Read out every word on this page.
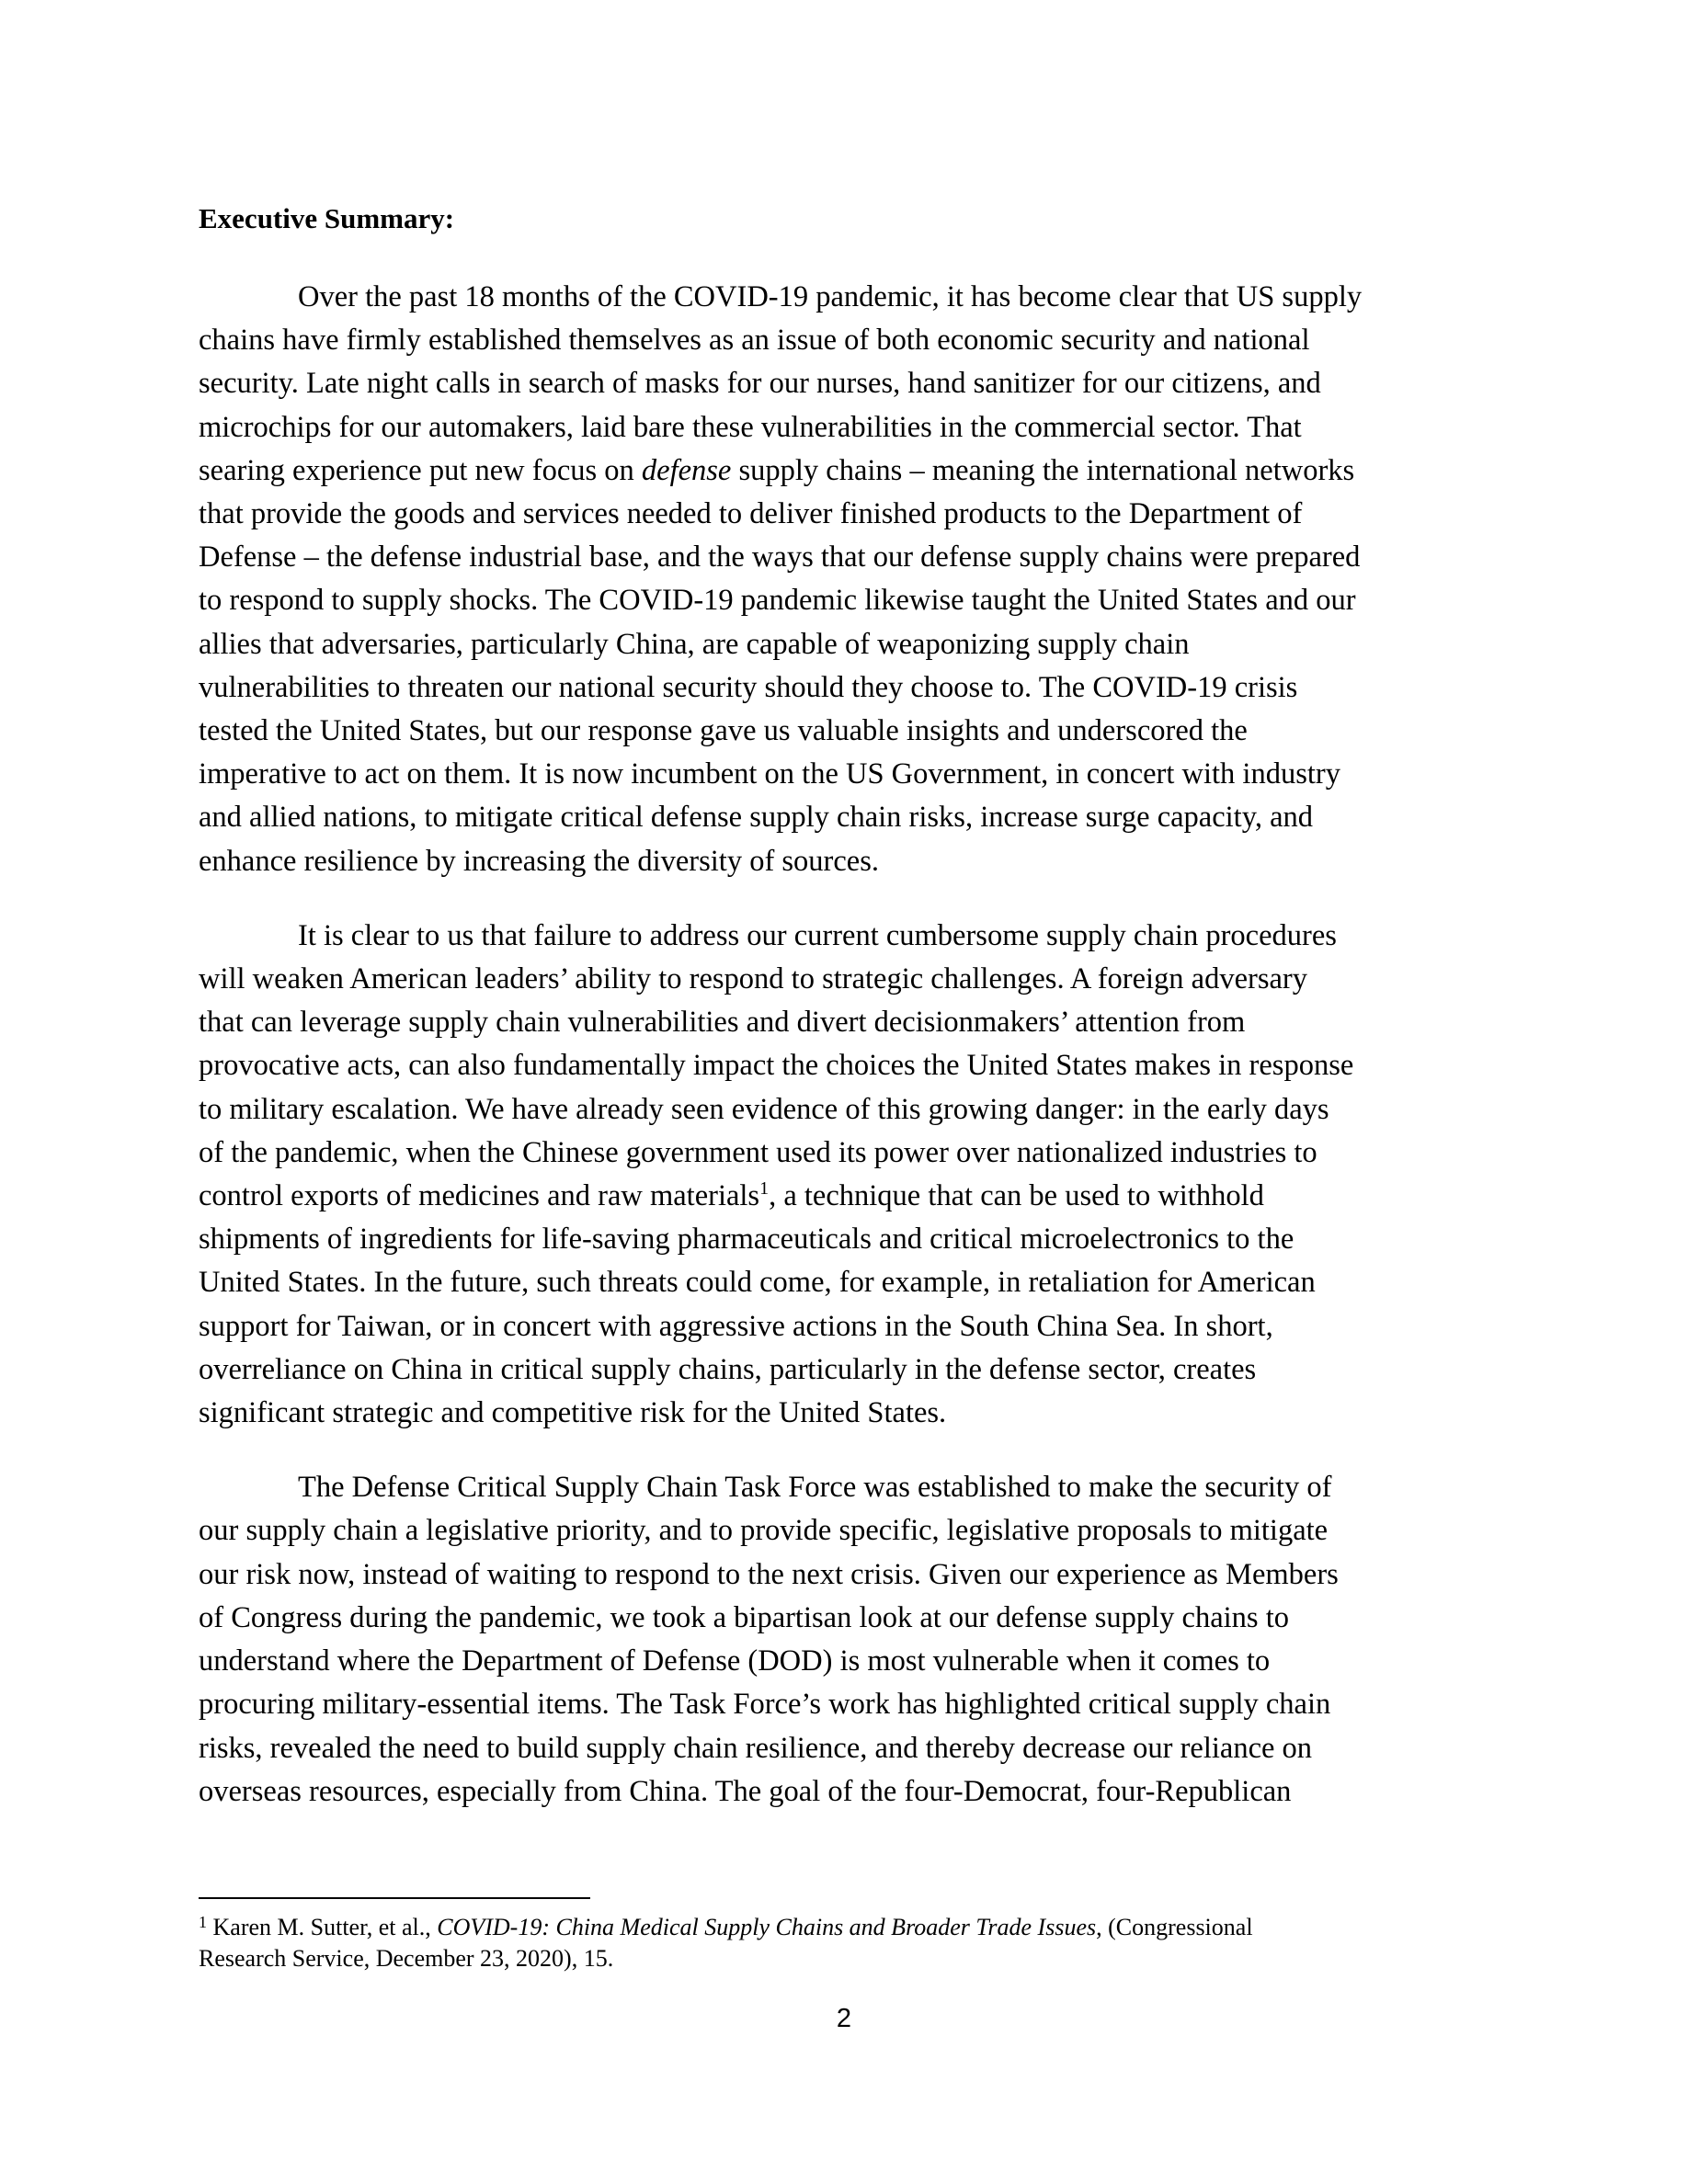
Executive Summary:

Over the past 18 months of the COVID-19 pandemic, it has become clear that US supply
chains have firmly established themselves as an issue of both economic security and national
security. Late night calls in search of masks for our nurses, hand sanitizer for our citizens, and
microchips for our automakers, laid bare these vulnerabilities in the commercial sector. That
searing experience put new focus on defense supply chains – meaning the international networks
that provide the goods and services needed to deliver finished products to the Department of
Defense – the defense industrial base, and the ways that our defense supply chains were prepared
to respond to supply shocks. The COVID-19 pandemic likewise taught the United States and our
allies that adversaries, particularly China, are capable of weaponizing supply chain
vulnerabilities to threaten our national security should they choose to. The COVID-19 crisis
tested the United States, but our response gave us valuable insights and underscored the
imperative to act on them. It is now incumbent on the US Government, in concert with industry
and allied nations, to mitigate critical defense supply chain risks, increase surge capacity, and
enhance resilience by increasing the diversity of sources.

It is clear to us that failure to address our current cumbersome supply chain procedures
will weaken American leaders’ ability to respond to strategic challenges. A foreign adversary
that can leverage supply chain vulnerabilities and divert decisionmakers’ attention from
provocative acts, can also fundamentally impact the choices the United States makes in response
to military escalation. We have already seen evidence of this growing danger: in the early days
of the pandemic, when the Chinese government used its power over nationalized industries to
control exports of medicines and raw materials$^1$, a technique that can be used to withhold
shipments of ingredients for life-saving pharmaceuticals and critical microelectronics to the
United States. In the future, such threats could come, for example, in retaliation for American
support for Taiwan, or in concert with aggressive actions in the South China Sea. In short,
overreliance on China in critical supply chains, particularly in the defense sector, creates
significant strategic and competitive risk for the United States.

The Defense Critical Supply Chain Task Force was established to make the security of
our supply chain a legislative priority, and to provide specific, legislative proposals to mitigate
our risk now, instead of waiting to respond to the next crisis. Given our experience as Members
of Congress during the pandemic, we took a bipartisan look at our defense supply chains to
understand where the Department of Defense (DOD) is most vulnerable when it comes to
procuring military-essential items. The Task Force’s work has highlighted critical supply chain
risks, revealed the need to build supply chain resilience, and thereby decrease our reliance on
overseas resources, especially from China. The goal of the four-Democrat, four-Republican

$^1$ Karen M. Sutter, et al., COVID-19: China Medical Supply Chains and Broader Trade Issues, (Congressional
Research Service, December 23, 2020), 15.
2
